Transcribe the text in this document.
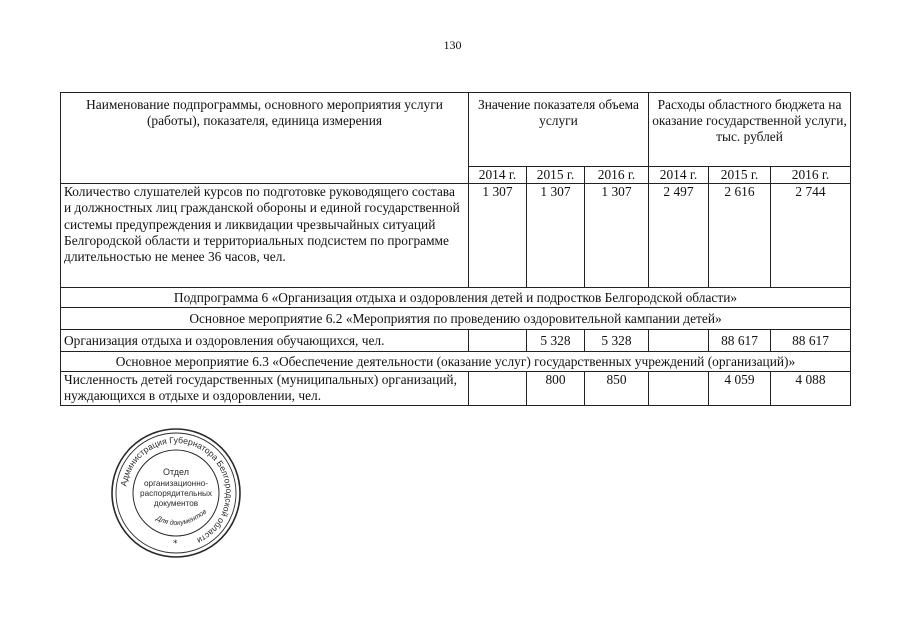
130
Наименование подпрограммы, основного мероприятия услуги (работы), показателя, единица измерения	Значение показателя объема услуги			Расходы областного бюджета на оказание государственной услуги, тыс. рублей		
	2014 г.	2015 г.	2016 г.	2014 г.	2015 г.	2016 г.
Количество слушателей курсов по подготовке руководящего состава и должностных лиц гражданской обороны и единой государственной системы предупреждения и ликвидации чрезвычайных ситуаций Белгородской области и территориальных подсистем по программе длительностью не менее 36 часов, чел.	1 307	1 307	1 307	2 497	2 616	2 744
Подпрограмма 6 «Организация отдыха и оздоровления детей и подростков Белгородской области»						
Основное мероприятие 6.2 «Мероприятия по проведению оздоровительной кампании детей»						
Организация отдыха и оздоровления обучающихся, чел.		5 328	5 328		88 617	88 617
Основное мероприятие 6.3 «Обеспечение деятельности (оказание услуг) государственных учреждений (организаций)»						
Численность детей государственных (муниципальных) организаций, нуждающихся в отдыхе и оздоровлении, чел.		800	850		4 059	4 088
Администрация Губернатора Белгородской области
Отдел
организационно-
распорядительных
документов
Для документов
*
